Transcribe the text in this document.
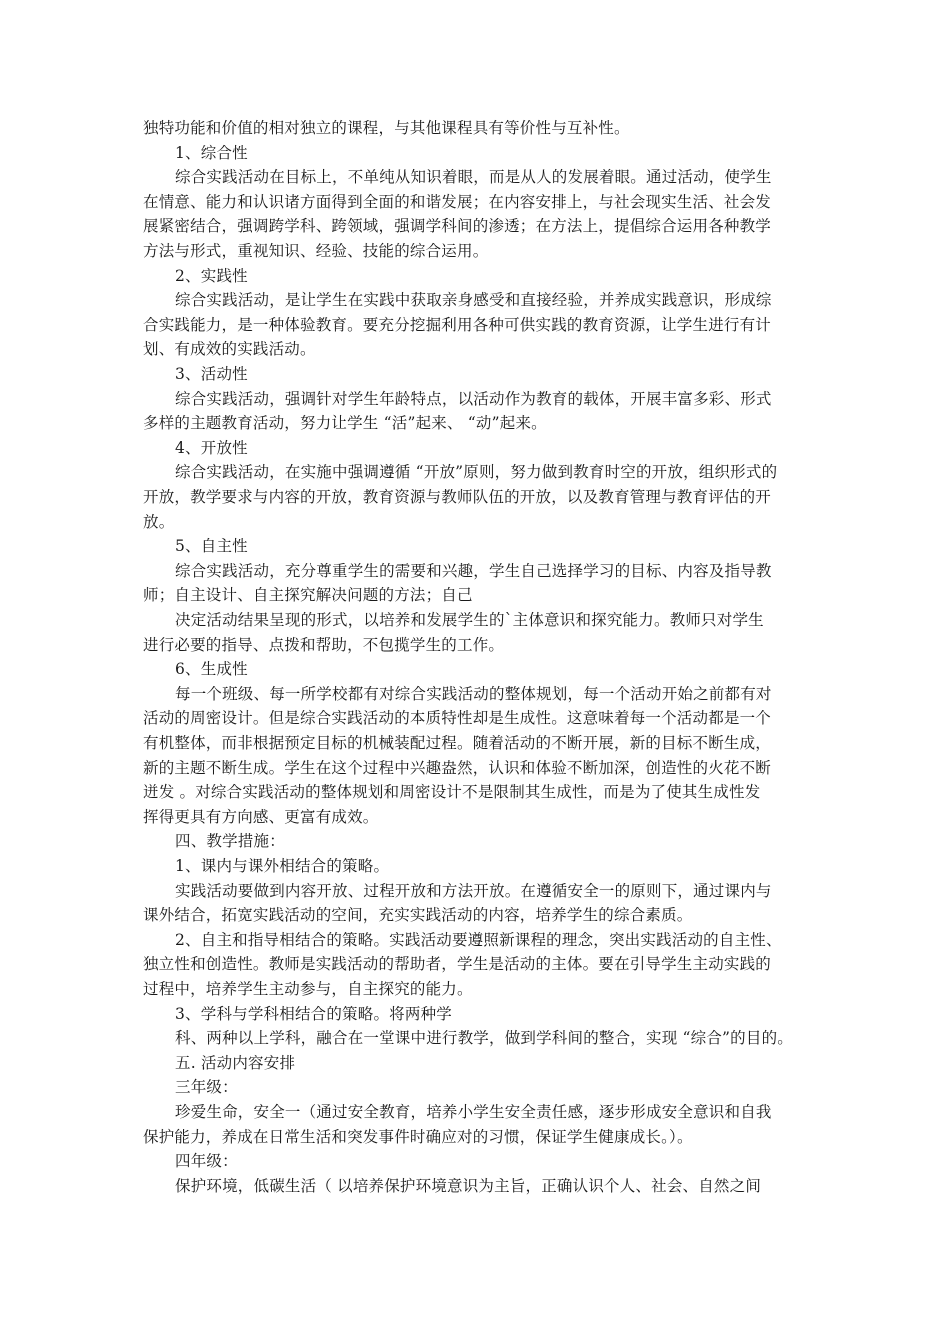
独特功能和价值的相对独立的课程，与其他课程具有等价性与互补性。
1、综合性
综合实践活动在目标上，不单纯从知识着眼，而是从人的发展着眼。通过活动，使学生
在情意、能力和认识诸方面得到全面的和谐发展；在内容安排上，与社会现实生活、社会发
展紧密结合，强调跨学科、跨领域，强调学科间的渗透；在方法上，提倡综合运用各种教学
方法与形式，重视知识、经验、技能的综合运用。
2、实践性
综合实践活动，是让学生在实践中获取亲身感受和直接经验，并养成实践意识，形成综
合实践能力，是一种体验教育。要充分挖掘利用各种可供实践的教育资源，让学生进行有计
划、有成效的实践活动。
3、活动性
综合实践活动，强调针对学生年龄特点，以活动作为教育的载体，开展丰富多彩、形式
多样的主题教育活动，努力让学生 “活”起来、 “动”起来。
4、开放性
综合实践活动，在实施中强调遵循 “开放”原则，努力做到教育时空的开放，组织形式的
开放，教学要求与内容的开放，教育资源与教师队伍的开放，以及教育管理与教育评估的开
放。
5、自主性
综合实践活动，充分尊重学生的需要和兴趣，学生自己选择学习的目标、内容及指导教
师；自主设计、自主探究解决问题的方法；自己
决定活动结果呈现的形式，以培养和发展学生的`主体意识和探究能力。教师只对学生
进行必要的指导、点拨和帮助，不包揽学生的工作。
6、生成性
每一个班级、每一所学校都有对综合实践活动的整体规划，每一个活动开始之前都有对
活动的周密设计。但是综合实践活动的本质特性却是生成性。这意味着每一个活动都是一个
有机整体，而非根据预定目标的机械装配过程。随着活动的不断开展，新的目标不断生成，
新的主题不断生成。学生在这个过程中兴趣盎然，认识和体验不断加深，创造性的火花不断
迸发 。对综合实践活动的整体规划和周密设计不是限制其生成性，而是为了使其生成性发
挥得更具有方向感、更富有成效。
四、教学措施：
1、课内与课外相结合的策略。
实践活动要做到内容开放、过程开放和方法开放。在遵循安全一的原则下，通过课内与
课外结合，拓宽实践活动的空间，充实实践活动的内容，培养学生的综合素质。
2、自主和指导相结合的策略。实践活动要遵照新课程的理念，突出实践活动的自主性、
独立性和创造性。教师是实践活动的帮助者，学生是活动的主体。要在引导学生主动实践的
过程中，培养学生主动参与，自主探究的能力。
3、学科与学科相结合的策略。将两种学
科、两种以上学科，融合在一堂课中进行教学，做到学科间的整合，实现 “综合”的目的。
五. 活动内容安排
三年级：
珍爱生命，安全一（通过安全教育，培养小学生安全责任感，逐步形成安全意识和自我
保护能力，养成在日常生活和突发事件时确应对的习惯，保证学生健康成长。）。
四年级：
保护环境，低碳生活（ 以培养保护环境意识为主旨，正确认识个人、社会、自然之间
